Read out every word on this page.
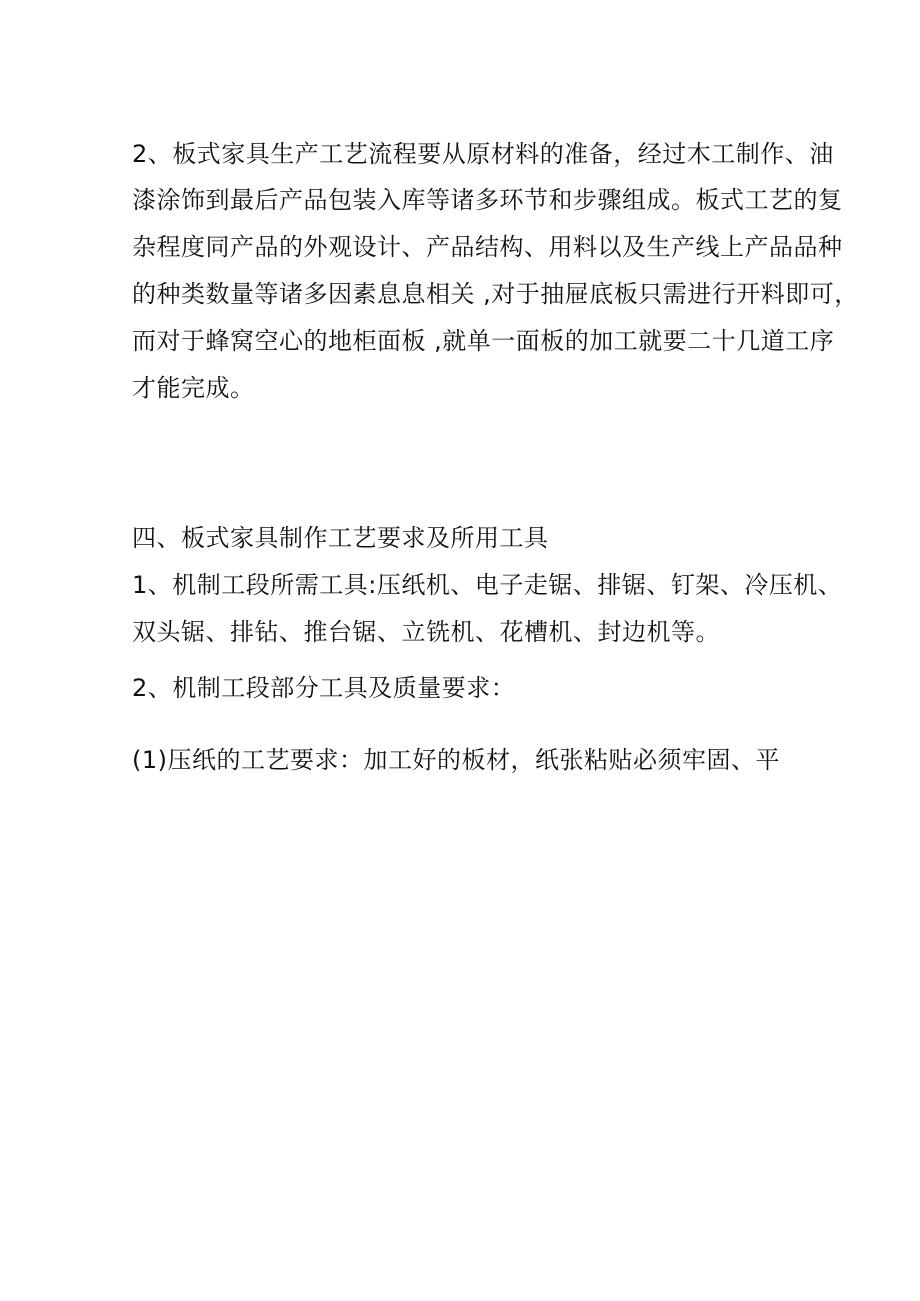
2、板式家具生产工艺流程要从原材料的准备，经过木工制作、油
漆涂饰到最后产品包装入库等诸多环节和步骤组成。板式工艺的复
杂程度同产品的外观设计、产品结构、用料以及生产线上产品品种
的种类数量等诸多因素息息相关 ,对于抽屉底板只需进行开料即可，
而对于蜂窝空心的地柜面板 ,就单一面板的加工就要二十几道工序
才能完成。
四、板式家具制作工艺要求及所用工具
1、机制工段所需工具:压纸机、电子走锯、排锯、钉架、冷压机、
双头锯、排钻、推台锯、立铣机、花槽机、封边机等。
2、机制工段部分工具及质量要求：
(1)压纸的工艺要求：加工好的板材，纸张粘贴必须牢固、平
